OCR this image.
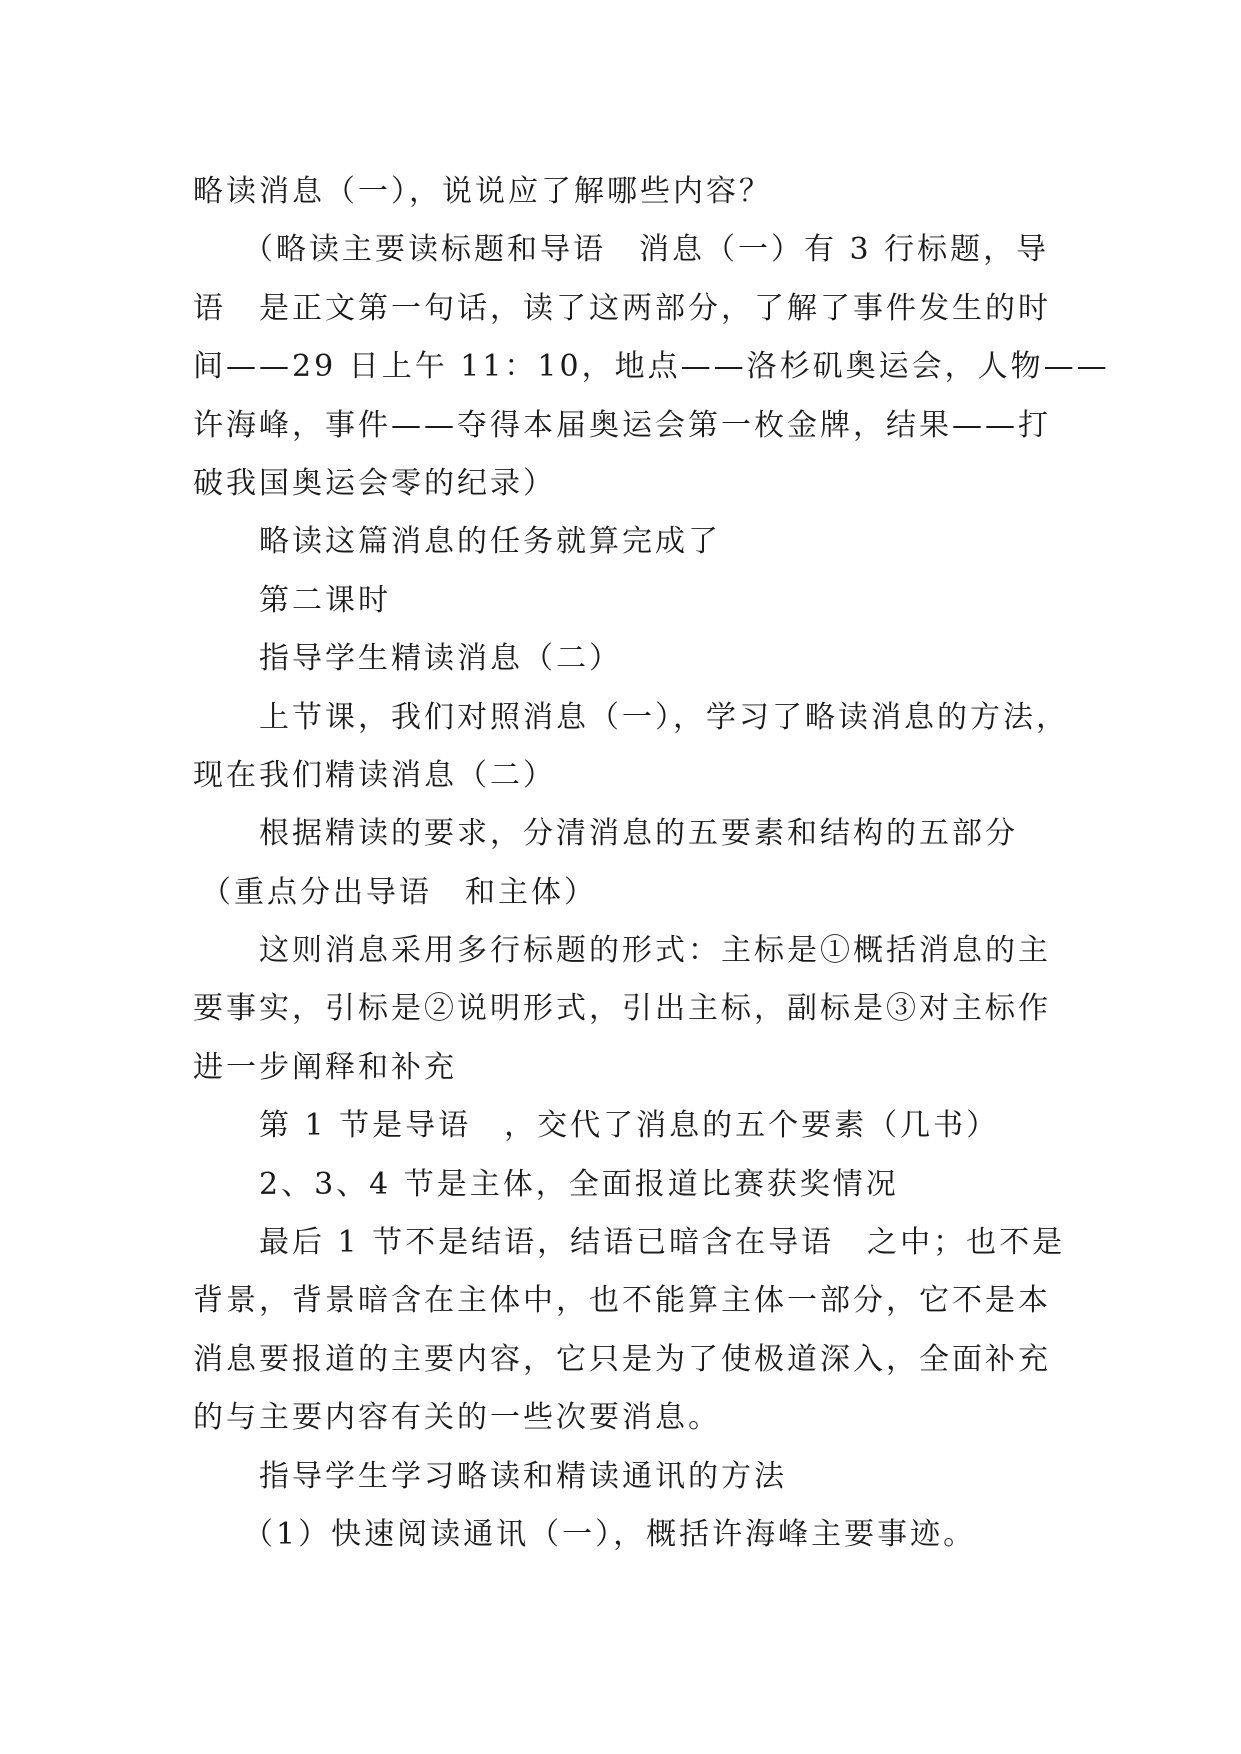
略读消息（一），说说应了解哪些内容？
（略读主要读标题和导语　消息（一）有 3 行标题，导
语　是正文第一句话，读了这两部分，了解了事件发生的时
间——29 日上午 11：10，地点——洛杉矶奥运会，人物——
许海峰，事件——夺得本届奥运会第一枚金牌，结果——打
破我国奥运会零的纪录）
略读这篇消息的任务就算完成了
第二课时
指导学生精读消息（二）
上节课，我们对照消息（一），学习了略读消息的方法，
现在我们精读消息（二）
根据精读的要求，分清消息的五要素和结构的五部分
（重点分出导语　和主体）
这则消息采用多行标题的形式：主标是①概括消息的主
要事实，引标是②说明形式，引出主标，副标是③对主标作
进一步阐释和补充
第 1 节是导语　，交代了消息的五个要素（几书）
2、3、4 节是主体，全面报道比赛获奖情况
最后 1 节不是结语，结语已暗含在导语　之中；也不是
背景，背景暗含在主体中，也不能算主体一部分，它不是本
消息要报道的主要内容，它只是为了使极道深入，全面补充
的与主要内容有关的一些次要消息。
指导学生学习略读和精读通讯的方法
（1）快速阅读通讯（一），概括许海峰主要事迹。
